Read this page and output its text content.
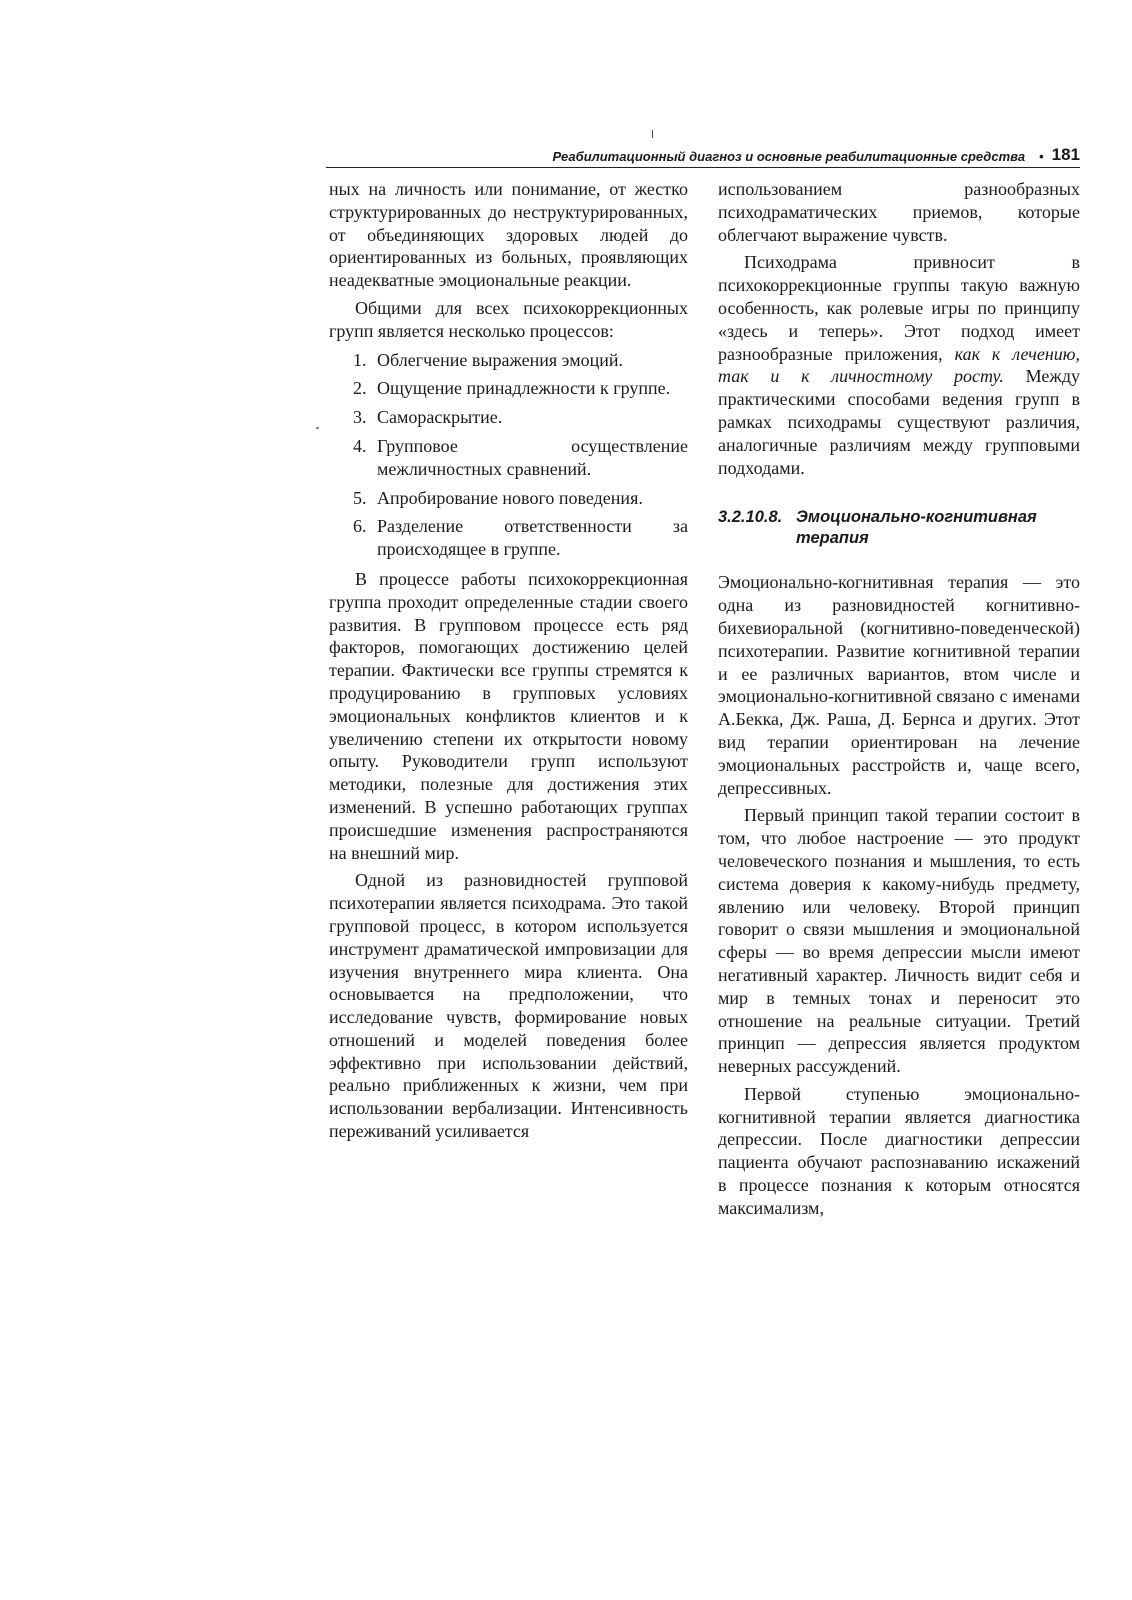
Реабилитационный диагноз и основные реабилитационные средства • 181

ных на личность или понимание, от жестко структурированных до неструктурированных, от объединяющих здоровых людей до ориентированных из больных, проявляющих неадекватные эмоциональные реакции.

Общими для всех психокоррекционных групп является несколько процессов:

1. Облегчение выражения эмоций.
2. Ощущение принадлежности к группе.
3. Самораскрытие.
4. Групповое осуществление межличностных сравнений.
5. Апробирование нового поведения.
6. Разделение ответственности за происходящее в группе.

В процессе работы психокоррекционная группа проходит определенные стадии своего развития. В групповом процессе есть ряд факторов, помогающих достижению целей терапии. Фактически все группы стремятся к продуцированию в групповых условиях эмоциональных конфликтов клиентов и к увеличению степени их открытости новому опыту. Руководители групп используют методики, полезные для достижения этих изменений. В успешно работающих группах происшедшие изменения распространяются на внешний мир.

Одной из разновидностей групповой психотерапии является психодрама. Это такой групповой процесс, в котором используется инструмент драматической импровизации для изучения внутреннего мира клиента. Она основывается на предположении, что исследование чувств, формирование новых отношений и моделей поведения более эффективно при использовании действий, реально приближенных к жизни, чем при использовании вербализации. Интенсивность переживаний усиливается

использованием разнообразных психодраматических приемов, которые облегчают выражение чувств.

Психодрама привносит в психокоррекционные группы такую важную особенность, как ролевые игры по принципу «здесь и теперь». Этот подход имеет разнообразные приложения, как к лечению, так и к личностному росту. Между практическими способами ведения групп в рамках психодрамы существуют различия, аналогичные различиям между групповыми подходами.

3.2.10.8. Эмоционально-когнитивная
терапия

Эмоционально-когнитивная терапия — это одна из разновидностей когнитивно-бихевиоральной (когнитивно-поведенческой) психотерапии. Развитие когнитивной терапии и ее различных вариантов, втом числе и эмоционально-когнитивной связано с именами А.Бекка, Дж. Раша, Д. Бернса и других. Этот вид терапии ориентирован на лечение эмоциональных расстройств и, чаще всего, депрессивных.

Первый принцип такой терапии состоит в том, что любое настроение — это продукт человеческого познания и мышления, то есть система доверия к какому-нибудь предмету, явлению или человеку. Второй принцип говорит о связи мышления и эмоциональной сферы — во время депрессии мысли имеют негативный характер. Личность видит себя и мир в темных тонах и переносит это отношение на реальные ситуации. Третий принцип — депрессия является продуктом неверных рассуждений.

Первой ступенью эмоционально-когнитивной терапии является диагностика депрессии. После диагностики депрессии пациента обучают распознаванию искажений в процессе познания к которым относятся максимализм,
